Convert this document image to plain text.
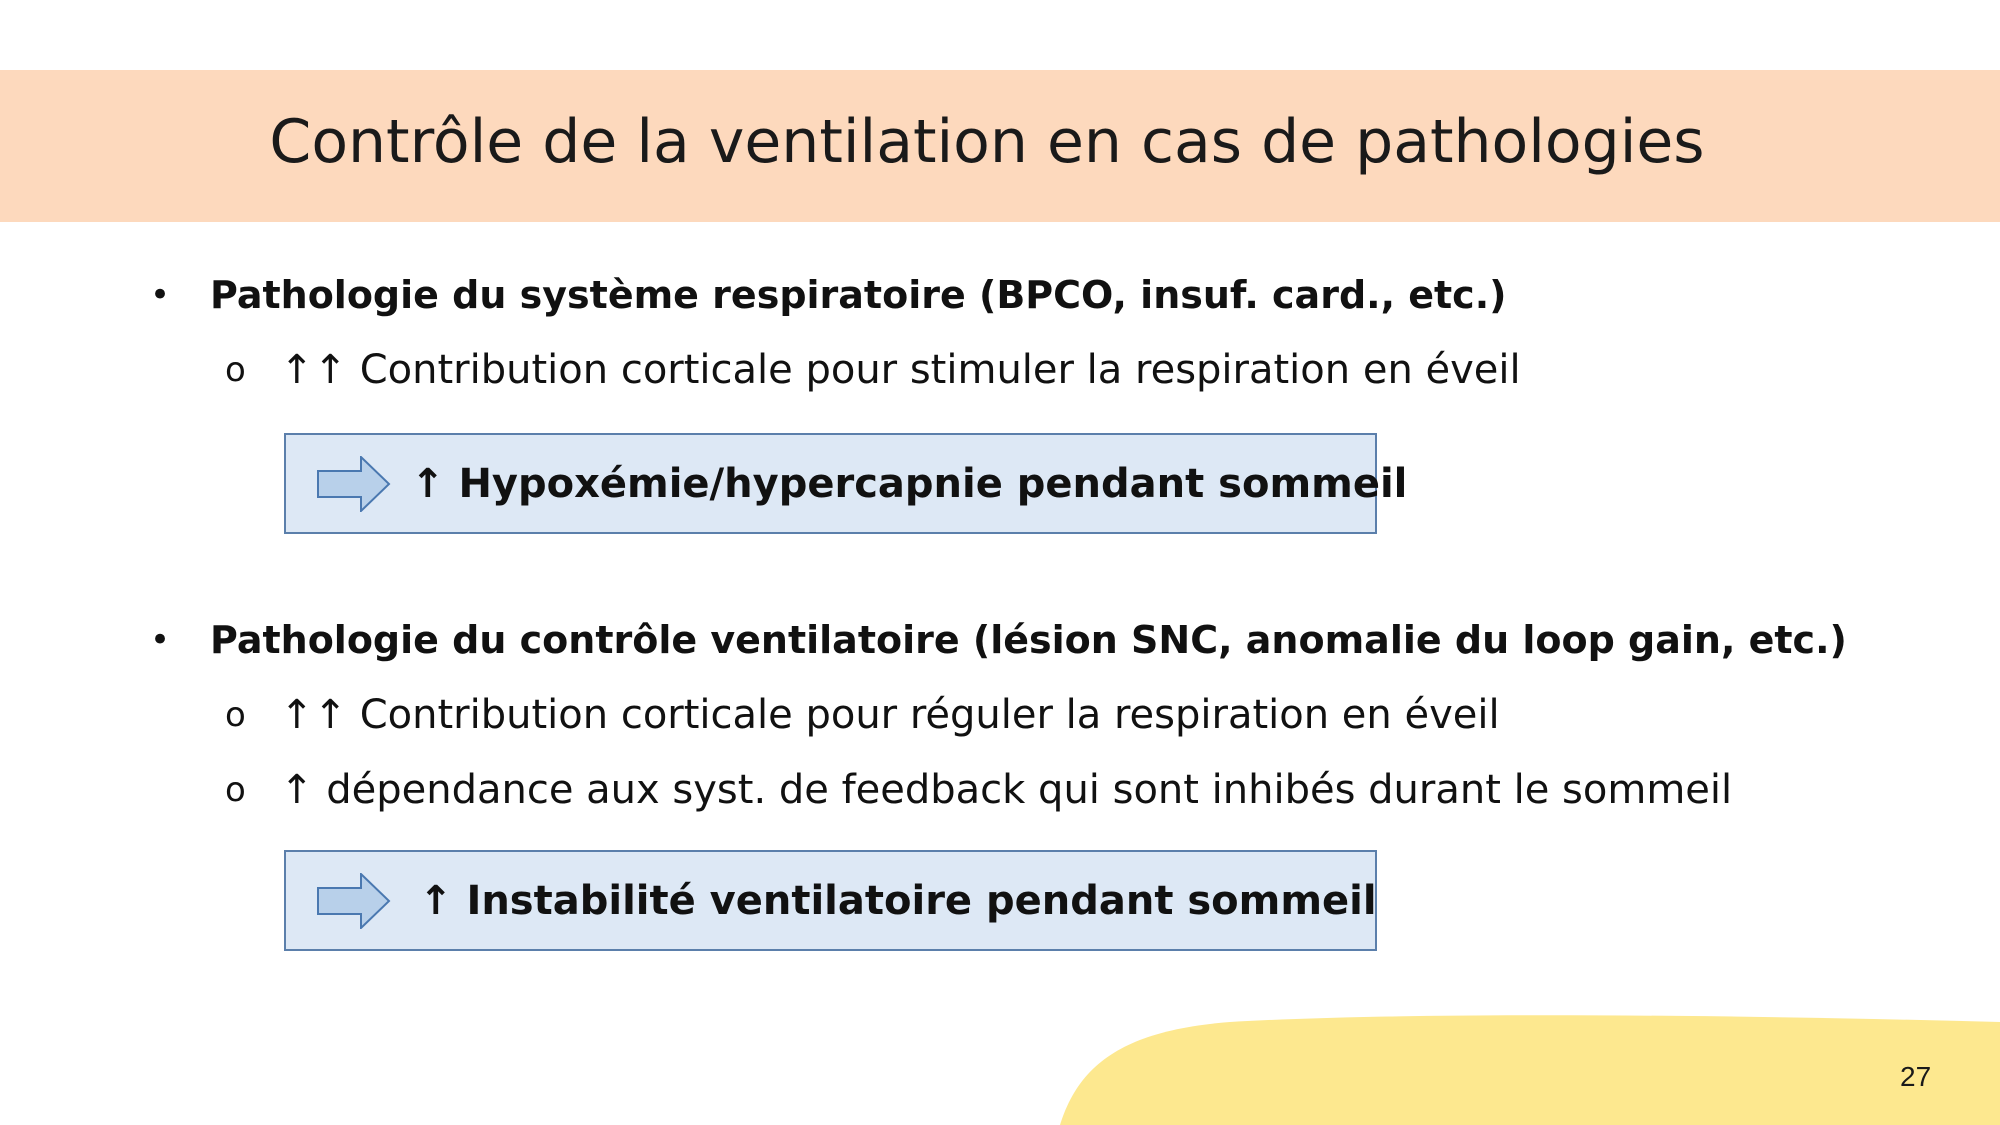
Contrôle de la ventilation en cas de pathologies
•	Pathologie du système respiratoire (BPCO, insuf. card., etc.)
o ↑↑ Contribution corticale pour stimuler la respiration en éveil
↑ Hypoxémie/hypercapnie pendant sommeil
•	Pathologie du contrôle ventilatoire (lésion SNC, anomalie du loop gain, etc.)
o ↑↑ Contribution corticale pour réguler la respiration en éveil
o ↑ dépendance aux syst. de feedback qui sont inhibés durant le sommeil
↑ Instabilité ventilatoire pendant sommeil
27
